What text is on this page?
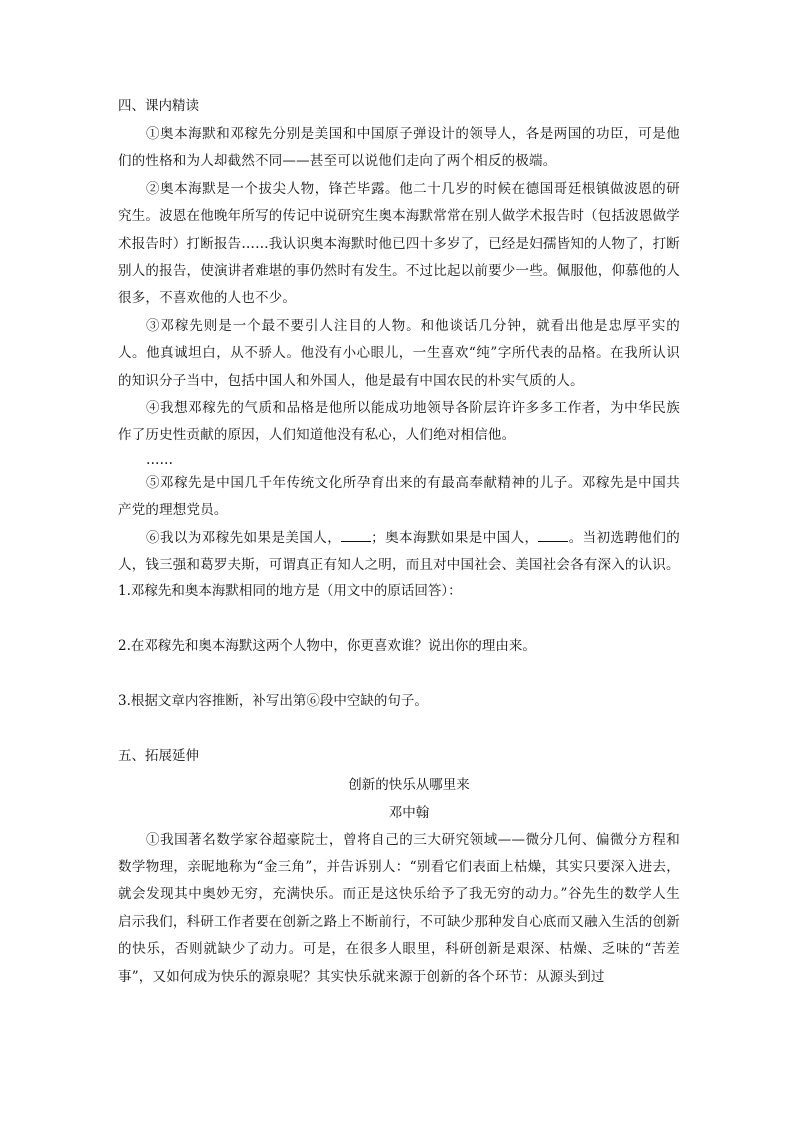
四、课内精读

①奥本海默和邓稼先分别是美国和中国原子弹设计的领导人，各是两国的功臣，可是他们的性格和为人却截然不同——甚至可以说他们走向了两个相反的极端。

②奥本海默是一个拔尖人物，锋芒毕露。他二十几岁的时候在德国哥廷根镇做波恩的研究生。波恩在他晚年所写的传记中说研究生奥本海默常常在别人做学术报告时（包括波恩做学术报告时）打断报告……我认识奥本海默时他已四十多岁了，已经是妇孺皆知的人物了，打断别人的报告，使演讲者难堪的事仍然时有发生。不过比起以前要少一些。佩服他，仰慕他的人很多，不喜欢他的人也不少。

③邓稼先则是一个最不要引人注目的人物。和他谈话几分钟，就看出他是忠厚平实的人。他真诚坦白，从不骄人。他没有小心眼儿，一生喜欢“纯”字所代表的品格。在我所认识的知识分子当中，包括中国人和外国人，他是最有中国农民的朴实气质的人。

④我想邓稼先的气质和品格是他所以能成功地领导各阶层许许多多工作者，为中华民族作了历史性贡献的原因，人们知道他没有私心，人们绝对相信他。

……

⑤邓稼先是中国几千年传统文化所孕育出来的有最高奉献精神的儿子。邓稼先是中国共产党的理想党员。

⑥我以为邓稼先如果是美国人， ；奥本海默如果是中国人， 。当初选聘他们的人，钱三强和葛罗夫斯，可谓真正有知人之明，而且对中国社会、美国社会各有深入的认识。

1.邓稼先和奥本海默相同的地方是（用文中的原话回答）：

2.在邓稼先和奥本海默这两个人物中，你更喜欢谁？说出你的理由来。

3.根据文章内容推断，补写出第⑥段中空缺的句子。

五、拓展延伸

创新的快乐从哪里来

邓中翰

①我国著名数学家谷超豪院士，曾将自己的三大研究领域——微分几何、偏微分方程和数学物理，亲昵地称为“金三角”，并告诉别人：“别看它们表面上枯燥，其实只要深入进去，就会发现其中奥妙无穷，充满快乐。而正是这快乐给予了我无穷的动力。”谷先生的数学人生启示我们，科研工作者要在创新之路上不断前行，不可缺少那种发自心底而又融入生活的创新的快乐，否则就缺少了动力。可是，在很多人眼里，科研创新是艰深、枯燥、乏味的“苦差事”，又如何成为快乐的源泉呢？其实快乐就来源于创新的各个环节：从源头到过
